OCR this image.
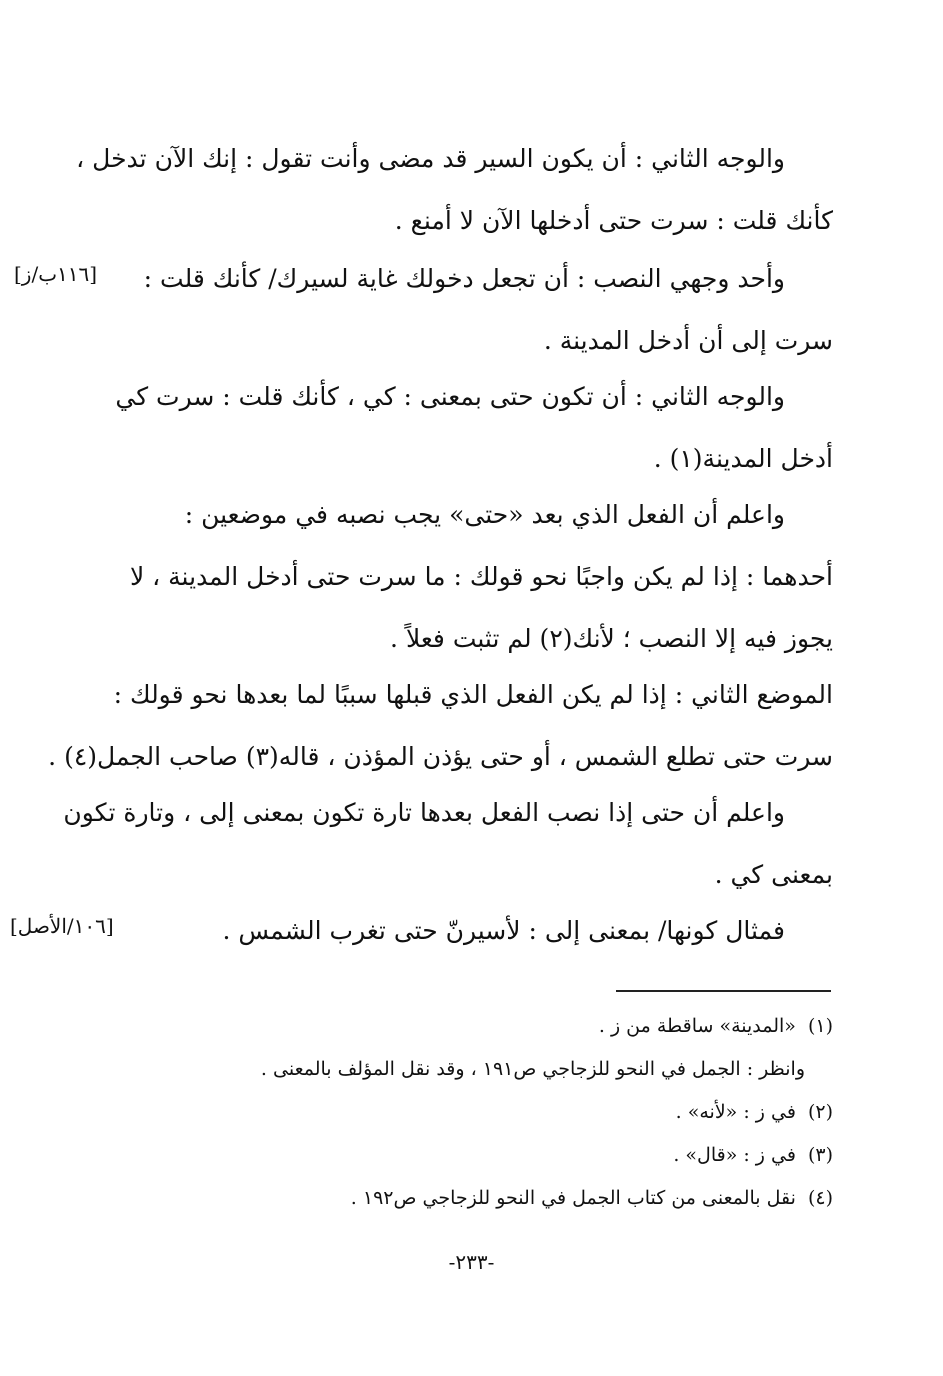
والوجه الثاني : أن يكون السير قد مضى وأنت تقول : إنك الآن تدخل ،
كأنك قلت : سرت حتى أدخلها الآن لا أمنع .
وأحد وجهي النصب : أن تجعل دخولك غاية لسيرك/ كأنك قلت :
سرت إلى أن أدخل المدينة .
والوجه الثاني : أن تكون حتى بمعنى : كي ، كأنك قلت : سرت كي
أدخل المدينة(١) .
واعلم أن الفعل الذي بعد «حتى» يجب نصبه في موضعين :
أحدهما : إذا لم يكن واجبًا نحو قولك : ما سرت حتى أدخل المدينة ، لا
يجوز فيه إلا النصب ؛ لأنك(٢) لم تثبت فعلاً .
الموضع الثاني : إذا لم يكن الفعل الذي قبلها سببًا لما بعدها نحو قولك :
سرت حتى تطلع الشمس ، أو حتى يؤذن المؤذن ، قاله(٣) صاحب الجمل(٤) .
واعلم أن حتى إذا نصب الفعل بعدها تارة تكون بمعنى إلى ، وتارة تكون
بمعنى كي .
فمثال كونها/ بمعنى إلى : لأسيرنّ حتى تغرب الشمس .
[١١٦ب/ز]
[١٠٦/الأصل]
(١)«المدينة» ساقطة من ز .
وانظر : الجمل في النحو للزجاجي ص١٩١ ، وقد نقل المؤلف بالمعنى .
(٢)في ز : «لأنه» .
(٣)في ز : «قال» .
(٤)نقل بالمعنى من كتاب الجمل في النحو للزجاجي ص١٩٢ .
-٢٣٣-
